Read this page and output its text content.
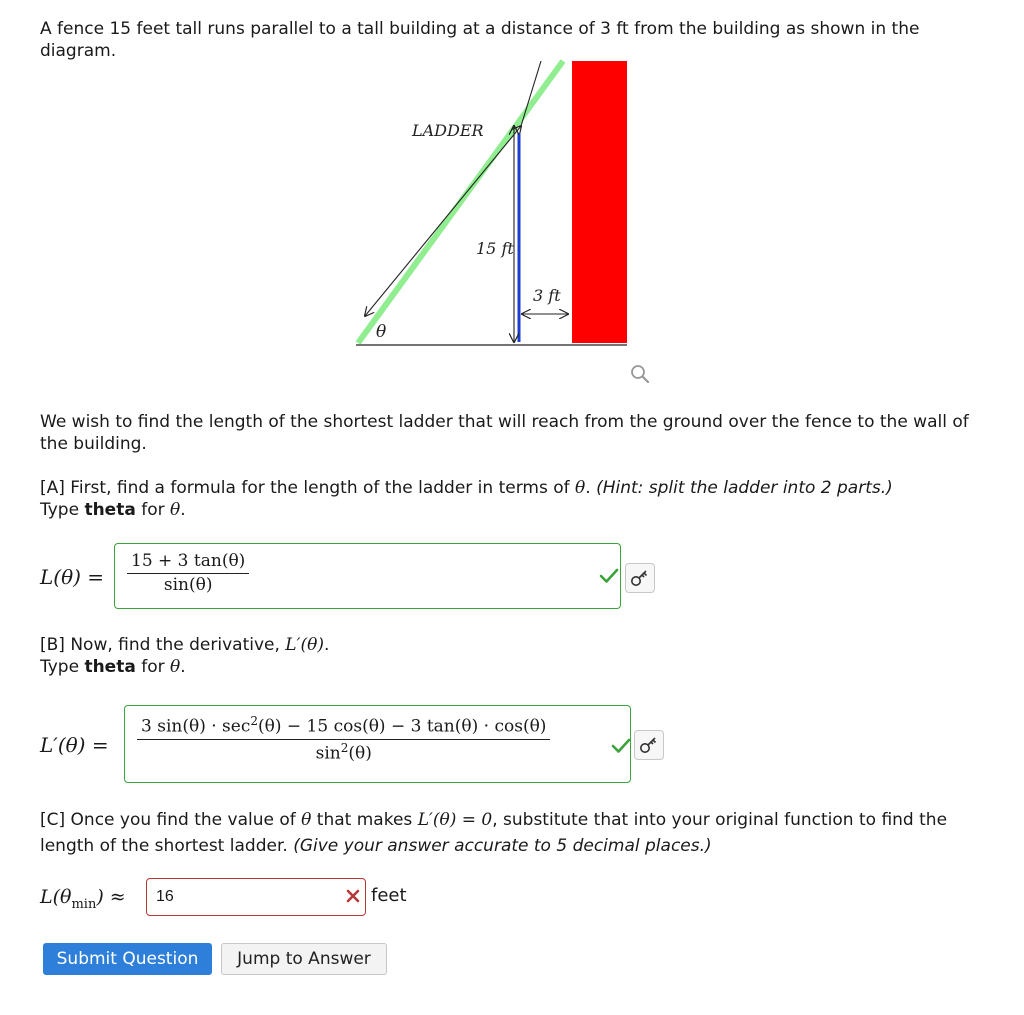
A fence 15 feet tall runs parallel to a tall building at a distance of 3 ft from the building as shown in the diagram.
LADDER
15 ft
3 ft
θ
We wish to find the length of the shortest ladder that will reach from the ground over the fence to the wall of the building.
[A] First, find a formula for the length of the ladder in terms of θ. (Hint: split the ladder into 2 parts.)
Type theta for θ.
L(θ) =
15 + 3 tan(θ)
sin(θ)
[B] Now, find the derivative, L′(θ).
Type theta for θ.
L′(θ) =
3 $\sin(\theta) \cdot \sec^2(\theta) - 15$ cos(θ) − 3 tan(θ) · cos(θ)
$\sin^2(\theta)$
[C] Once you find the value of θ that makes L′(θ) = 0, substitute that into your original function to find the length of the shortest ladder. (Give your answer accurate to 5 decimal places.)
$L(\theta_{min}) \approx 16$	feet
Submit Question	Jump to Answer
